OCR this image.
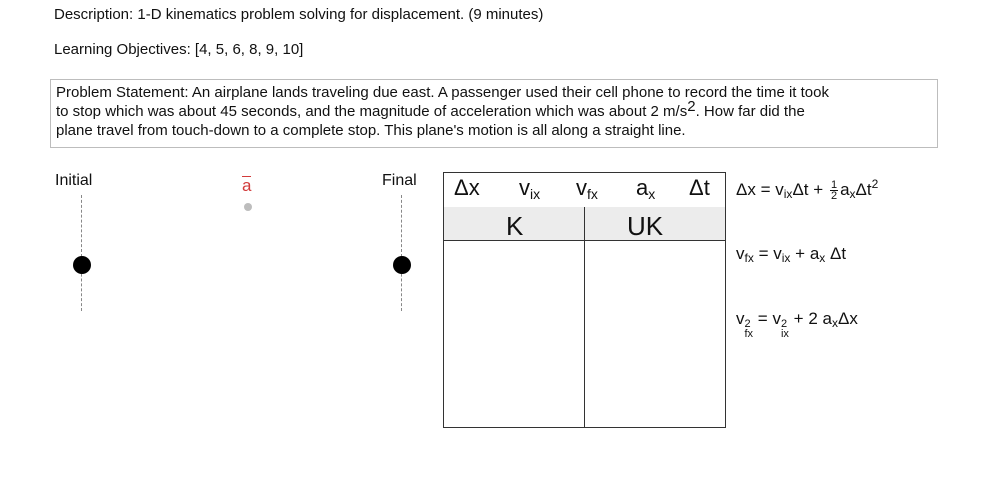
Description: 1-D kinematics problem solving for displacement. (9 minutes)
Learning Objectives: [4, 5, 6, 8, 9, 10]
Problem Statement: An airplane lands traveling due east. A passenger used their cell phone to record the time it took
to stop which was about 45 seconds, and the magnitude of acceleration which was about 2 $m/s^2$. How far did the
plane travel from touch-down to a complete stop. This plane's motion is all along a straight line.
Initial	Final
a	Δx $v_{ix}$ $v_{fx}$ $a_x$ Δt
K	UK
$\Delta x = v_{ix}\Delta t + \frac{1}{2} a_x\Delta t^2$
$v_{fx} = v_{ix} + a_x$ Δt
v 2
fx
= v 2
ix
+ 2 $a_x\Delta x$
